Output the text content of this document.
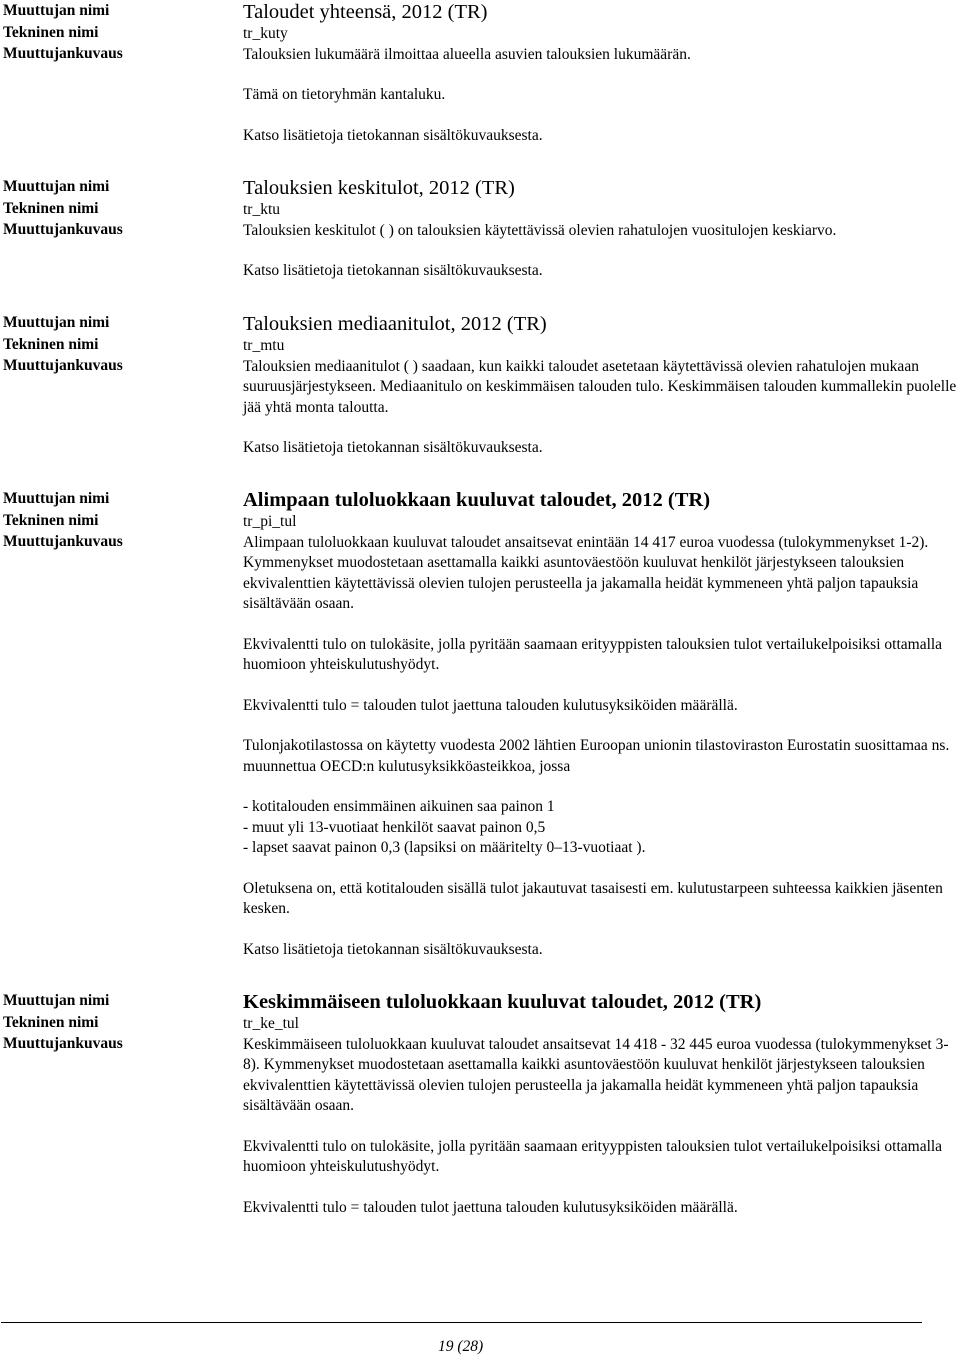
Muuttujan nimi
Tekninen nimi
Muuttujankuvaus
Taloudet yhteensä, 2012 (TR)
tr_kuty

Talouksien lukumäärä ilmoittaa alueella asuvien talouksien lukumäärän.

Tämä on tietoryhmän kantaluku.

Katso lisätietoja tietokannan sisältökuvauksesta.

Muuttujan nimi
Tekninen nimi
Muuttujankuvaus
Talouksien keskitulot, 2012 (TR)
tr_ktu

Talouksien keskitulot ( ) on talouksien käytettävissä olevien rahatulojen vuositulojen keskiarvo.

Katso lisätietoja tietokannan sisältökuvauksesta.

Muuttujan nimi
Tekninen nimi
Muuttujankuvaus
Talouksien mediaanitulot, 2012 (TR)
tr_mtu

Talouksien mediaanitulot ( ) saadaan, kun kaikki taloudet asetetaan käytettävissä olevien rahatulojen mukaan suuruusjärjestykseen. Mediaanitulo on keskimmäisen talouden tulo. Keskimmäisen talouden kummallekin puolelle jää yhtä monta taloutta.

Katso lisätietoja tietokannan sisältökuvauksesta.

Muuttujan nimi
Tekninen nimi
Muuttujankuvaus
Alimpaan tuloluokkaan kuuluvat taloudet, 2012 (TR)
tr_pi_tul

Alimpaan tuloluokkaan kuuluvat taloudet ansaitsevat enintään 14 417 euroa vuodessa (tulokymmenykset 1-2). Kymmenykset muodostetaan asettamalla kaikki asuntoväestöön kuuluvat henkilöt järjestykseen talouksien ekvivalenttien käytettävissä olevien tulojen perusteella ja jakamalla heidät kymmeneen yhtä paljon tapauksia sisältävään osaan.

Ekvivalentti tulo on tulokäsite, jolla pyritään saamaan erityyppisten talouksien tulot vertailukelpoisiksi ottamalla huomioon yhteiskulutushyödyt.

Ekvivalentti tulo = talouden tulot jaettuna talouden kulutusyksiköiden määrällä.

Tulonjakotilastossa on käytetty vuodesta 2002 lähtien Euroopan unionin tilastoviraston Eurostatin suosittamaa ns. muunnettua OECD:n kulutusyksikköasteikkoa, jossa

- kotitalouden ensimmäinen aikuinen saa painon 1
- muut yli 13-vuotiaat henkilöt saavat painon 0,5
- lapset saavat painon 0,3 (lapsiksi on määritelty 0–13-vuotiaat ).

Oletuksena on, että kotitalouden sisällä tulot jakautuvat tasaisesti em. kulutustarpeen suhteessa kaikkien jäsenten kesken.

Katso lisätietoja tietokannan sisältökuvauksesta.

Muuttujan nimi
Tekninen nimi
Muuttujankuvaus
Keskimmäiseen tuloluokkaan kuuluvat taloudet, 2012 (TR)
tr_ke_tul

Keskimmäiseen tuloluokkaan kuuluvat taloudet ansaitsevat 14 418 - 32 445 euroa vuodessa (tulokymmenykset 3-8). Kymmenykset muodostetaan asettamalla kaikki asuntoväestöön kuuluvat henkilöt järjestykseen talouksien ekvivalenttien käytettävissä olevien tulojen perusteella ja jakamalla heidät kymmeneen yhtä paljon tapauksia sisältävään osaan.

Ekvivalentti tulo on tulokäsite, jolla pyritään saamaan erityyppisten talouksien tulot vertailukelpoisiksi ottamalla huomioon yhteiskulutushyödyt.

Ekvivalentti tulo = talouden tulot jaettuna talouden kulutusyksiköiden määrällä.

19 (28)
